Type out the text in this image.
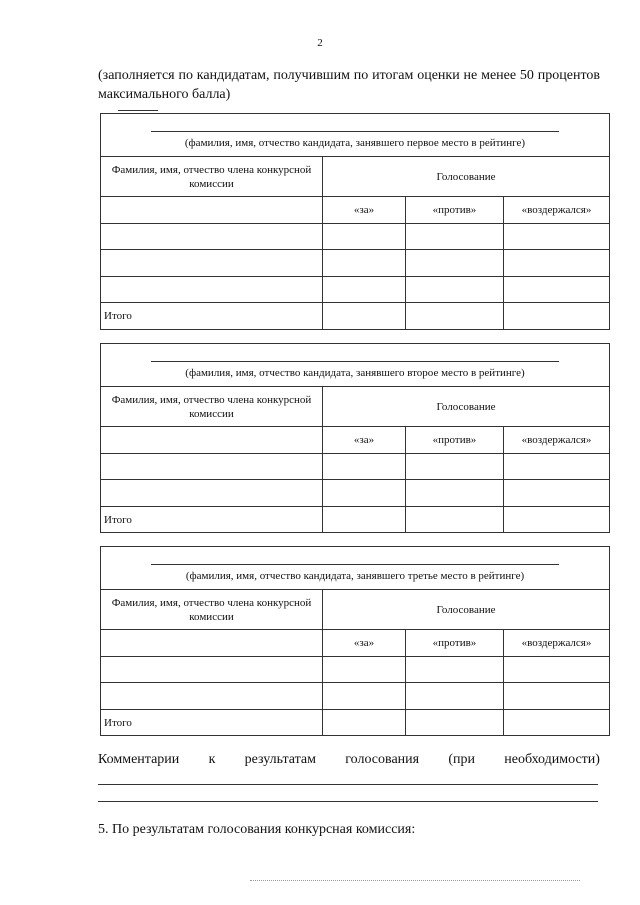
2
(заполняется по кандидатам, получившим по итогам оценки не менее 50 процентов максимального балла)
(фамилия, имя, отчество кандидата, занявшего первое место в рейтинге)			

Фамилия, имя, отчество члена конкурсной комиссии	Голосование		
	«за»	«против»	«воздержался»

Итого			
(фамилия, имя, отчество кандидата, занявшего второе место в рейтинге)			

Фамилия, имя, отчество члена конкурсной комиссии	Голосование		
	«за»	«против»	«воздержался»

Итого			
(фамилия, имя, отчество кандидата, занявшего третье место в рейтинге)			

Фамилия, имя, отчество члена конкурсной комиссии	Голосование		
	«за»	«против»	«воздержался»

Итого			
Комментарии к результатам голосования (при необходимости)
5. По результатам голосования конкурсная комиссия:
